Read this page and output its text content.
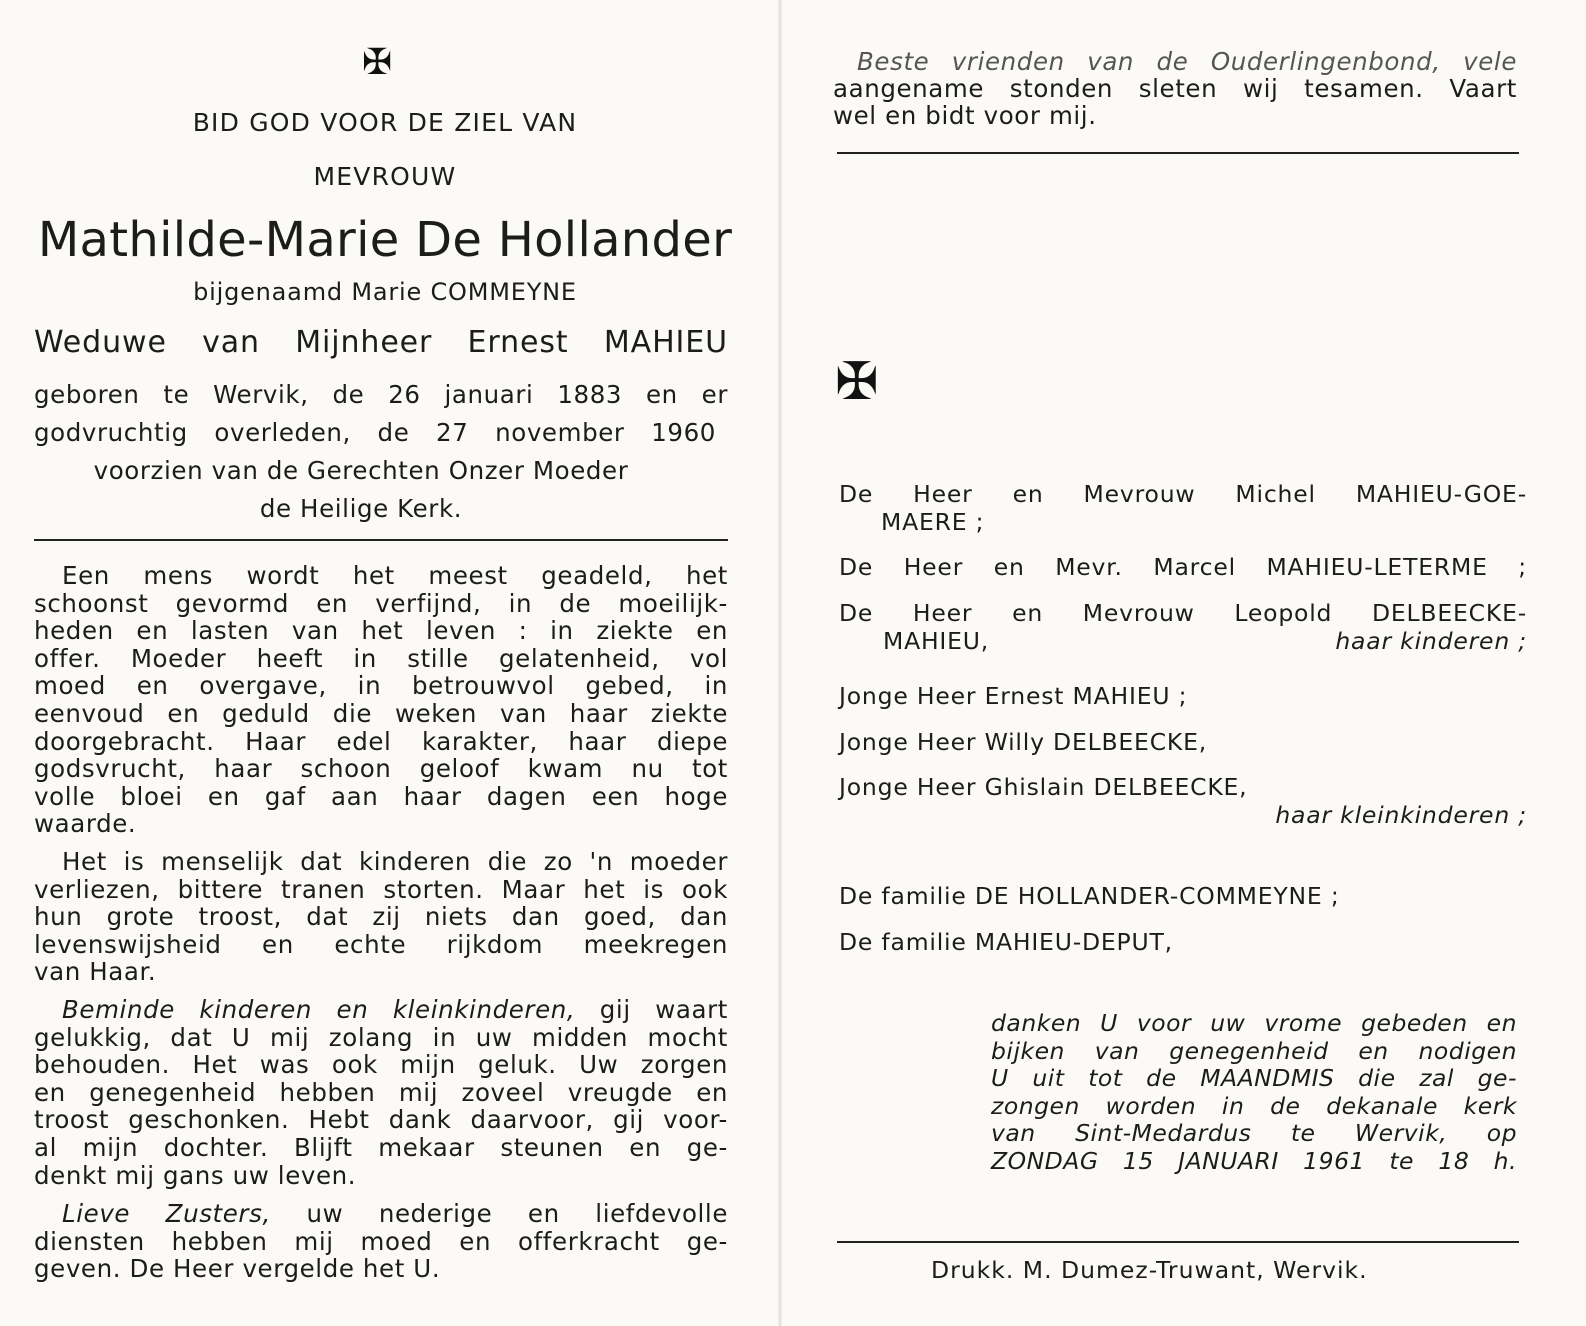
✠
BID GOD VOOR DE ZIEL VAN
MEVROUW
Mathilde-Marie De Hollander
bijgenaamd Marie COMMEYNE
Weduwe van Mijnheer Ernest MAHIEU

geboren te Wervik, de 26 januari 1883 en er

godvruchtig overleden, de 27 november 1960

voorzien van de Gerechten Onzer Moeder

de Heilige Kerk.

Een mens wordt het meest geadeld, het

schoonst gevormd en verfijnd, in de moeilijk-

heden en lasten van het leven : in ziekte en

offer. Moeder heeft in stille gelatenheid, vol

moed en overgave, in betrouwvol gebed, in

eenvoud en geduld die weken van haar ziekte

doorgebracht. Haar edel karakter, haar diepe

godsvrucht, haar schoon geloof kwam nu tot

volle bloei en gaf aan haar dagen een hoge

waarde.

Het is menselijk dat kinderen die zo 'n moeder

verliezen, bittere tranen storten. Maar het is ook

hun grote troost, dat zij niets dan goed, dan

levenswijsheid en echte rijkdom meekregen

van Haar.

Beminde kinderen en kleinkinderen, gij waart

gelukkig, dat U mij zolang in uw midden mocht

behouden. Het was ook mijn geluk. Uw zorgen

en genegenheid hebben mij zoveel vreugde en

troost geschonken. Hebt dank daarvoor, gij voor-

al mijn dochter. Blijft mekaar steunen en ge-

denkt mij gans uw leven.

Lieve Zusters, uw nederige en liefdevolle

diensten hebben mij moed en offerkracht ge-

geven. De Heer vergelde het U.

Beste vrienden van de Ouderlingenbond, vele

aangename stonden sleten wij tesamen. Vaart

wel en bidt voor mij.

✠
De Heer en Mevrouw Michel MAHIEU-GOE-
MAERE ;
De Heer en Mevr. Marcel MAHIEU-LETERME ;
De Heer en Mevrouw Leopold DELBEECKE-
MAHIEU,	haar kinderen ;
Jonge Heer Ernest MAHIEU ;
Jonge Heer Willy DELBEECKE,
Jonge Heer Ghislain DELBEECKE,
haar kleinkinderen ;
De familie DE HOLLANDER-COMMEYNE ;
De familie MAHIEU-DEPUT,

danken U voor uw vrome gebeden en

bijken van genegenheid en nodigen

U uit tot de MAANDMIS die zal ge-

zongen worden in de dekanale kerk

van Sint-Medardus te Wervik, op

ZONDAG 15 JANUARI 1961 te 18 h.

Drukk. M. Dumez-Truwant, Wervik.
